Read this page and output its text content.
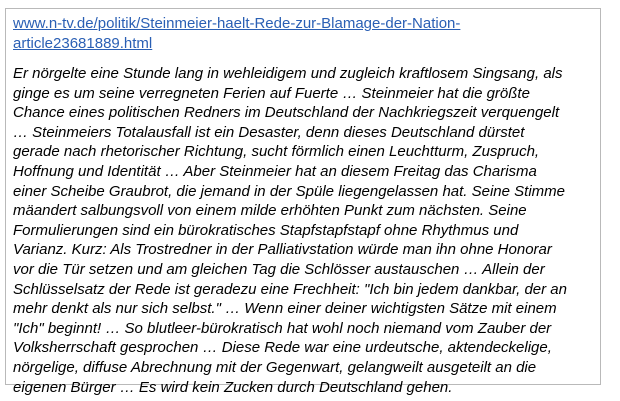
www.n-tv.de/politik/Steinmeier-haelt-Rede-zur-Blamage-der-Nation-
article23681889.html

Er nörgelte eine Stunde lang in wehleidigem und zugleich kraftlosem Singsang, als
ginge es um seine verregneten Ferien auf Fuerte … Steinmeier hat die größte
Chance eines politischen Redners im Deutschland der Nachkriegszeit verquengelt
… Steinmeiers Totalausfall ist ein Desaster, denn dieses Deutschland dürstet
gerade nach rhetorischer Richtung, sucht förmlich einen Leuchtturm, Zuspruch,
Hoffnung und Identität … Aber Steinmeier hat an diesem Freitag das Charisma
einer Scheibe Graubrot, die jemand in der Spüle liegengelassen hat. Seine Stimme
mäandert salbungsvoll von einem milde erhöhten Punkt zum nächsten. Seine
Formulierungen sind ein bürokratisches Stapfstapfstapf ohne Rhythmus und
Varianz. Kurz: Als Trostredner in der Palliativstation würde man ihn ohne Honorar
vor die Tür setzen und am gleichen Tag die Schlösser austauschen … Allein der
Schlüsselsatz der Rede ist geradezu eine Frechheit: "Ich bin jedem dankbar, der an
mehr denkt als nur sich selbst." … Wenn einer deiner wichtigsten Sätze mit einem
"Ich" beginnt! … So blutleer-bürokratisch hat wohl noch niemand vom Zauber der
Volksherrschaft gesprochen … Diese Rede war eine urdeutsche, aktendeckelige,
nörgelige, diffuse Abrechnung mit der Gegenwart, gelangweilt ausgeteilt an die
eigenen Bürger … Es wird kein Zucken durch Deutschland gehen.
